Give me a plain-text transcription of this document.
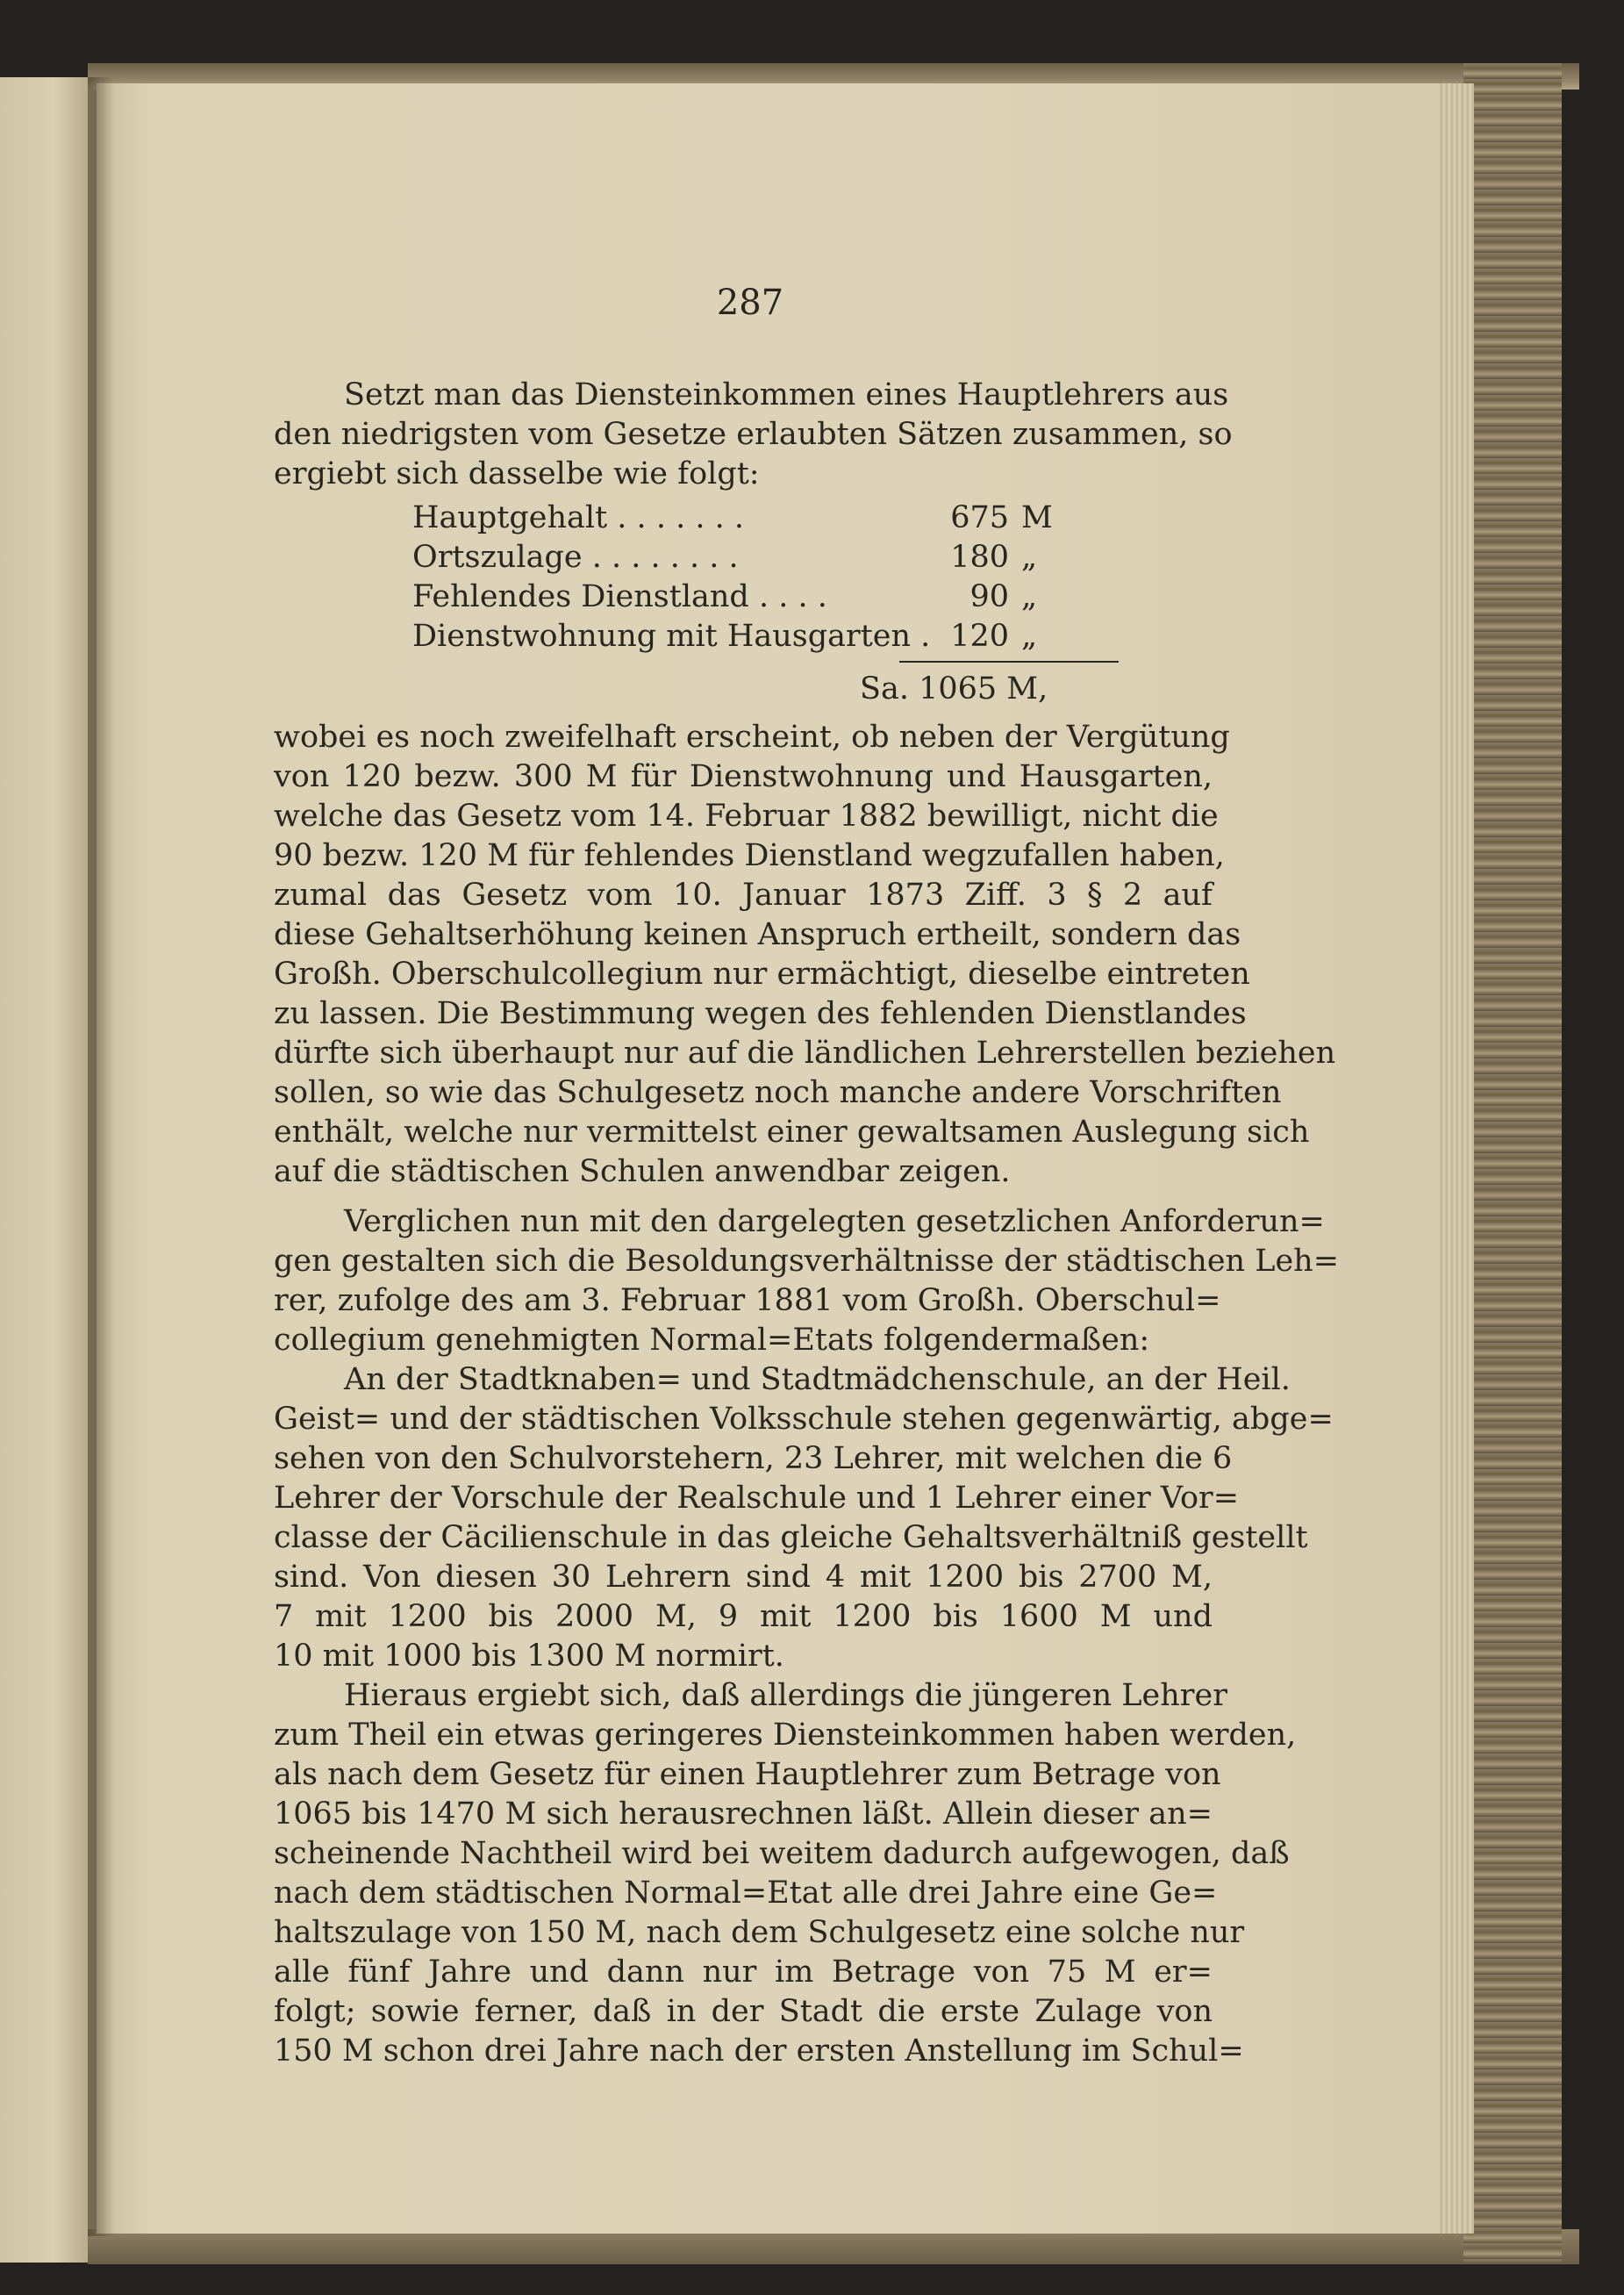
287
Setzt man das Diensteinkommen eines Hauptlehrers aus
den niedrigsten vom Gesetze erlaubten Sätzen zusammen, so
ergiebt sich dasselbe wie folgt:
Hauptgehalt . . . . . . .	675 M
Ortszulage . . . . . . . .	180 „
Fehlendes Dienstland . . . .	90 „
Dienstwohnung mit Hausgarten . 120 „
Sa. 1065 M,
wobei es noch zweifelhaft erscheint, ob neben der Vergütung
von 120 bezw. 300 M für Dienstwohnung und Hausgarten,
welche das Gesetz vom 14. Februar 1882 bewilligt, nicht die
90 bezw. 120 M für fehlendes Dienstland wegzufallen haben,
zumal das Gesetz vom 10. Januar 1873 Ziff. 3 § 2 auf
diese Gehaltserhöhung keinen Anspruch ertheilt, sondern das
Großh. Oberschulcollegium nur ermächtigt, dieselbe eintreten
zu lassen. Die Bestimmung wegen des fehlenden Dienstlandes
dürfte sich überhaupt nur auf die ländlichen Lehrerstellen beziehen
sollen, so wie das Schulgesetz noch manche andere Vorschriften
enthält, welche nur vermittelst einer gewaltsamen Auslegung sich
auf die städtischen Schulen anwendbar zeigen.
Verglichen nun mit den dargelegten gesetzlichen Anforderun=
gen gestalten sich die Besoldungsverhältnisse der städtischen Leh=
rer, zufolge des am 3. Februar 1881 vom Großh. Oberschul=
collegium genehmigten Normal=Etats folgendermaßen:
An der Stadtknaben= und Stadtmädchenschule, an der Heil.
Geist= und der städtischen Volksschule stehen gegenwärtig, abge=
sehen von den Schulvorstehern, 23 Lehrer, mit welchen die 6
Lehrer der Vorschule der Realschule und 1 Lehrer einer Vor=
classe der Cäcilienschule in das gleiche Gehaltsverhältniß gestellt
sind. Von diesen 30 Lehrern sind 4 mit 1200 bis 2700 M,
7 mit 1200 bis 2000 M, 9 mit 1200 bis 1600 M und
10 mit 1000 bis 1300 M normirt.
Hieraus ergiebt sich, daß allerdings die jüngeren Lehrer
zum Theil ein etwas geringeres Diensteinkommen haben werden,
als nach dem Gesetz für einen Hauptlehrer zum Betrage von
1065 bis 1470 M sich herausrechnen läßt. Allein dieser an=
scheinende Nachtheil wird bei weitem dadurch aufgewogen, daß
nach dem städtischen Normal=Etat alle drei Jahre eine Ge=
haltszulage von 150 M, nach dem Schulgesetz eine solche nur
alle fünf Jahre und dann nur im Betrage von 75 M er=
folgt; sowie ferner, daß in der Stadt die erste Zulage von
150 M schon drei Jahre nach der ersten Anstellung im Schul=
